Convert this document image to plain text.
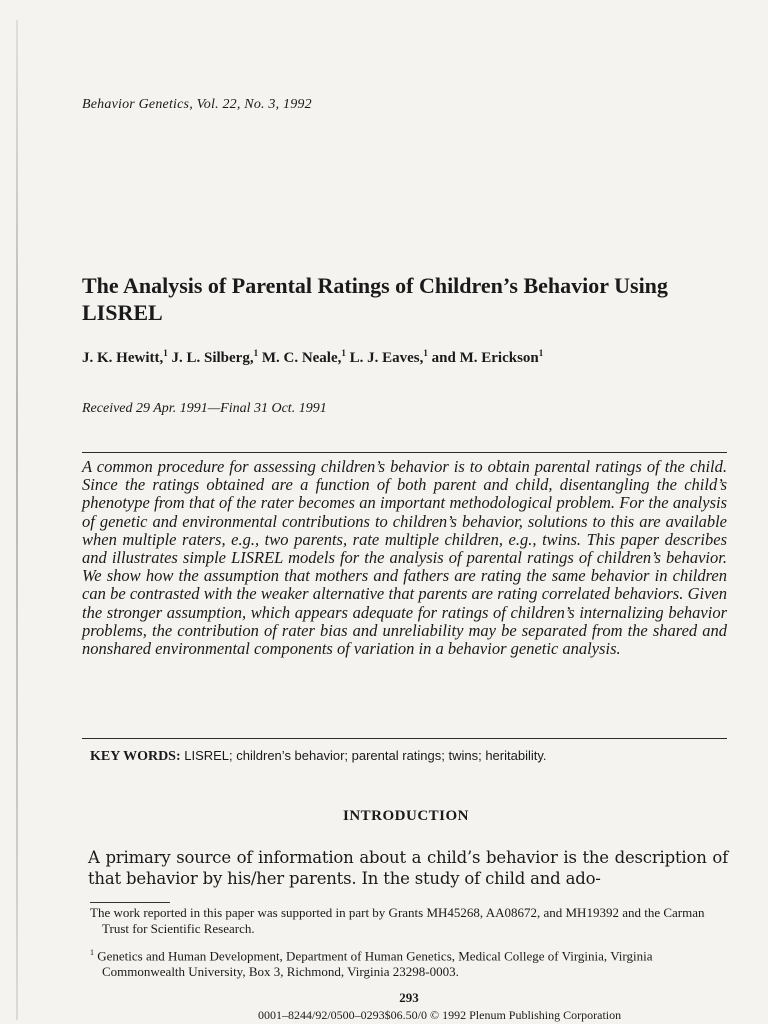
Behavior Genetics, Vol. 22, No. 3, 1992
The Analysis of Parental Ratings of Children’s Behavior Using LISREL
J. K. Hewitt,$^1$ J. L. Silberg,$^1$ M. C. Neale,$^1$ L. J. Eaves,$^1$ and M. Erickson$^1$
Received 29 Apr. 1991—Final 31 Oct. 1991

A common procedure for assessing children’s behavior is to obtain parental ratings of the child. Since the ratings obtained are a function of both parent and child, disentangling the child’s phenotype from that of the rater becomes an important methodological problem. For the analysis of genetic and environmental contributions to children’s behavior, solutions to this are available when multiple raters, e.g., two parents, rate multiple children, e.g., twins. This paper describes and illustrates simple LISREL models for the analysis of parental ratings of children’s behavior. We show how the assumption that mothers and fathers are rating the same behavior in children can be contrasted with the weaker alternative that parents are rating correlated behaviors. Given the stronger assumption, which appears adequate for ratings of children’s internalizing behavior problems, the contribution of rater bias and unreliability may be separated from the shared and nonshared environmental components of variation in a behavior genetic analysis.

KEY WORDS: LISREL; children’s behavior; parental ratings; twins; heritability.
INTRODUCTION

A primary source of information about a child’s behavior is the description of that behavior by his/her parents. In the study of child and ado-

The work reported in this paper was supported in part by Grants MH45268, AA08672, and MH19392 and the Carman Trust for Scientific Research.

$^1$ Genetics and Human Development, Department of Human Genetics, Medical College of Virginia, Virginia Commonwealth University, Box 3, Richmond, Virginia 23298-0003.

293
0001–8244/92/0500–0293$06.50/0 © 1992 Plenum Publishing Corporation
